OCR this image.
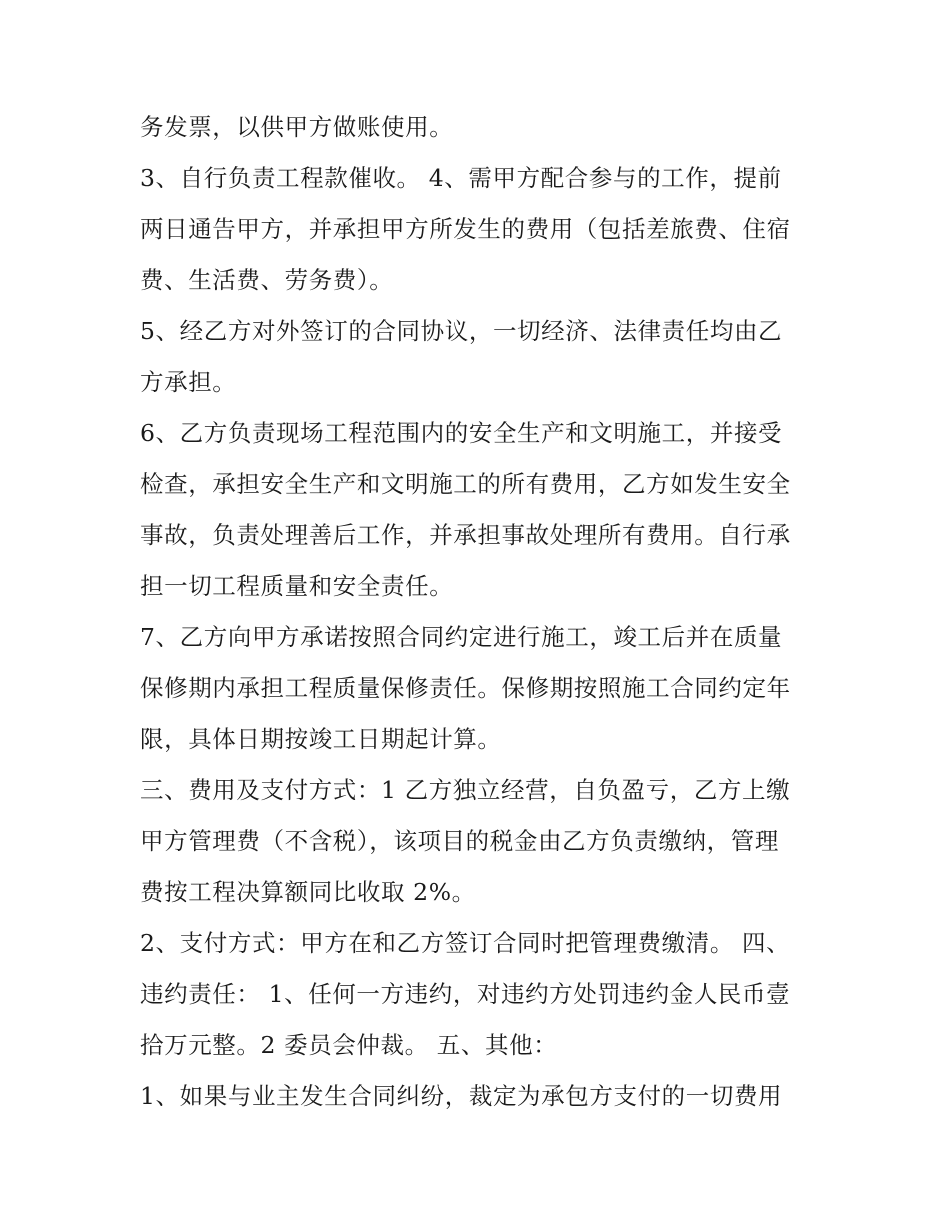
务发票，以供甲方做账使用。
3、自行负责工程款催收。 4、需甲方配合参与的工作，提前
两日通告甲方，并承担甲方所发生的费用（包括差旅费、住宿
费、生活费、劳务费）。
5、经乙方对外签订的合同协议，一切经济、法律责任均由乙
方承担。
6、乙方负责现场工程范围内的安全生产和文明施工，并接受
检查，承担安全生产和文明施工的所有费用，乙方如发生安全
事故，负责处理善后工作，并承担事故处理所有费用。自行承
担一切工程质量和安全责任。
7、乙方向甲方承诺按照合同约定进行施工，竣工后并在质量
保修期内承担工程质量保修责任。保修期按照施工合同约定年
限，具体日期按竣工日期起计算。
三、费用及支付方式：1 乙方独立经营，自负盈亏，乙方上缴
甲方管理费（不含税），该项目的税金由乙方负责缴纳，管理
费按工程决算额同比收取 2%。
2、支付方式：甲方在和乙方签订合同时把管理费缴清。 四、
违约责任： 1、任何一方违约，对违约方处罚违约金人民币壹
拾万元整。2 委员会仲裁。 五、其他：
1、如果与业主发生合同纠纷，裁定为承包方支付的一切费用
